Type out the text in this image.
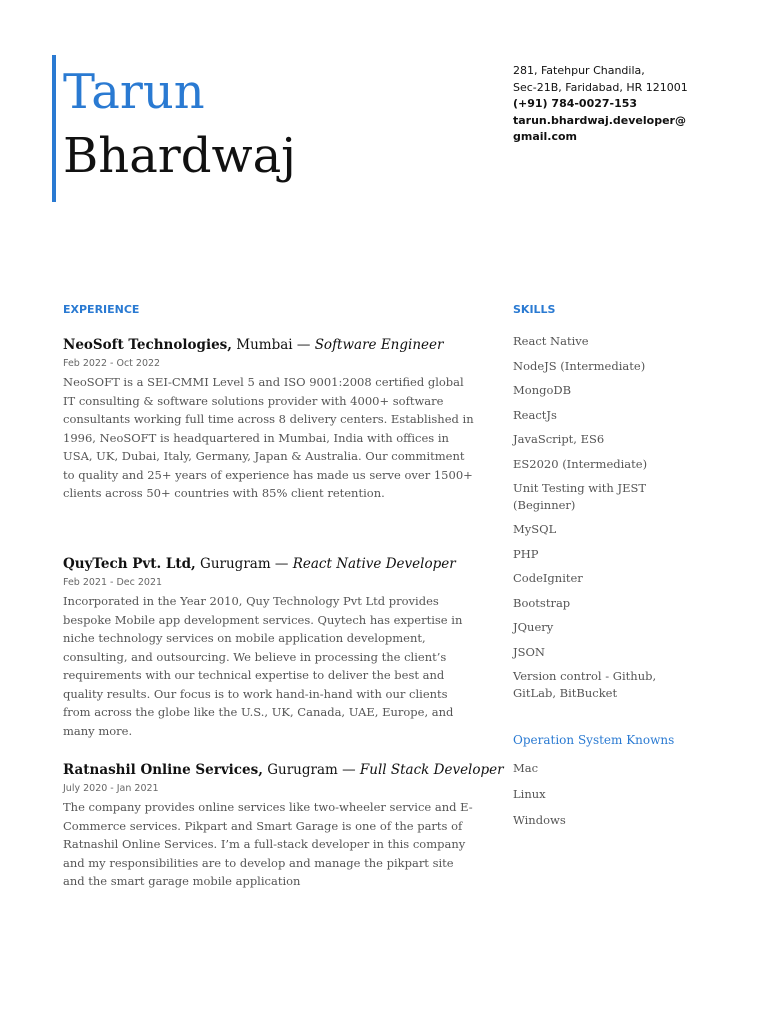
Tarun
Bhardwaj
281, Fatehpur Chandila,
Sec-21B, Faridabad, HR 121001
(+91) 784-0027-153
tarun.bhardwaj.developer@gmail.com
EXPERIENCE
NeoSoft Technologies, Mumbai — Software Engineer
Feb 2022 - Oct 2022
NeoSOFT is a SEI-CMMI Level 5 and ISO 9001:2008 certified global IT consulting & software solutions provider with 4000+ software consultants working full time across 8 delivery centers. Established in 1996, NeoSOFT is headquartered in Mumbai, India with offices in USA, UK, Dubai, Italy, Germany, Japan & Australia. Our commitment to quality and 25+ years of experience has made us serve over 1500+ clients across 50+ countries with 85% client retention.
QuyTech Pvt. Ltd, Gurugram — React Native Developer
Feb 2021 - Dec 2021
Incorporated in the Year 2010, Quy Technology Pvt Ltd provides bespoke Mobile app development services. Quytech has expertise in niche technology services on mobile application development, consulting, and outsourcing. We believe in processing the client’s requirements with our technical expertise to deliver the best and quality results. Our focus is to work hand-in-hand with our clients from across the globe like the U.S., UK, Canada, UAE, Europe, and many more.
Ratnashil Online Services, Gurugram — Full Stack Developer
July 2020 - Jan 2021
The company provides online services like two-wheeler service and E-Commerce services. Pikpart and Smart Garage is one of the parts of Ratnashil Online Services. I’m a full-stack developer in this company and my responsibilities are to develop and manage the pikpart site and the smart garage mobile application
SKILLS
React Native
NodeJS (Intermediate)
MongoDB
ReactJs
JavaScript, ES6
ES2020 (Intermediate)
Unit Testing with JEST (Beginner)
MySQL
PHP
CodeIgniter
Bootstrap
JQuery
JSON
Version control - Github, GitLab, BitBucket
Operation System Knowns
Mac
Linux
Windows
